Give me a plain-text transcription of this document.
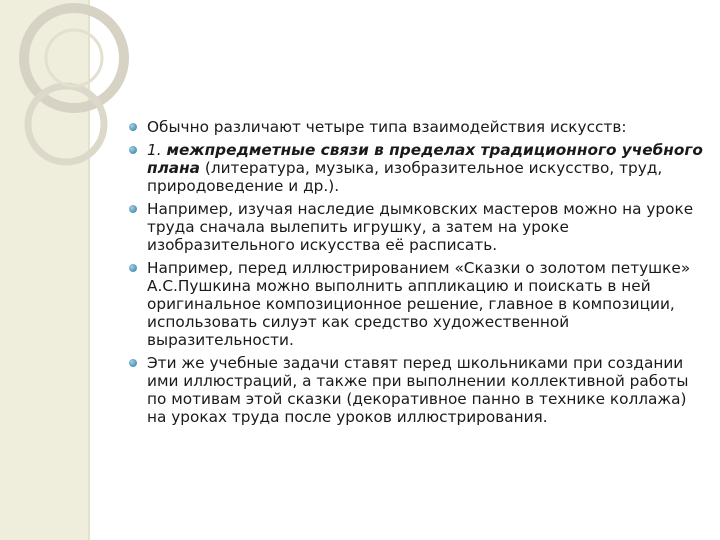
Обычно различают четыре типа взаимодействия искусств:
1. межпредметные связи в пределах традиционного учебного плана (литература, музыка, изобразительное искусство, труд, природоведение и др.).
Например, изучая наследие дымковских мастеров можно на уроке труда сначала вылепить игрушку, а затем на уроке изобразительного искусства её расписать.
Например, перед иллюстрированием «Сказки о золотом петушке» А.С.Пушкина можно выполнить аппликацию и поискать в ней оригинальное композиционное решение, главное в композиции, использовать силуэт как средство художественной выразительности.
Эти же учебные задачи ставят перед школьниками при создании ими иллюстраций, а также при выполнении коллективной работы по мотивам этой сказки (декоративное панно в технике коллажа) на уроках труда после уроков иллюстрирования.
